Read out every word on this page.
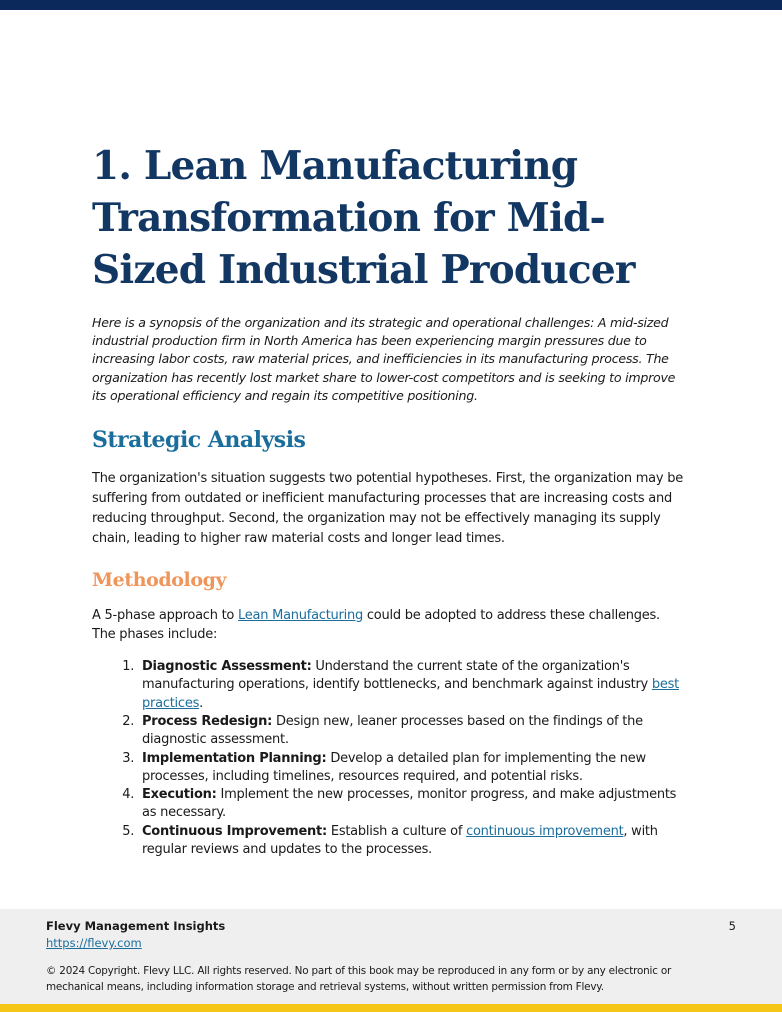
1. Lean Manufacturing Transformation for Mid-Sized Industrial Producer

Here is a synopsis of the organization and its strategic and operational challenges: A mid-sized industrial production firm in North America has been experiencing margin pressures due to increasing labor costs, raw material prices, and inefficiencies in its manufacturing process. The organization has recently lost market share to lower-cost competitors and is seeking to improve its operational efficiency and regain its competitive positioning.

Strategic Analysis

The organization's situation suggests two potential hypotheses. First, the organization may be suffering from outdated or inefficient manufacturing processes that are increasing costs and reducing throughput. Second, the organization may not be effectively managing its supply chain, leading to higher raw material costs and longer lead times.

Methodology

A 5-phase approach to Lean Manufacturing could be adopted to address these challenges. The phases include:

1. Diagnostic Assessment: Understand the current state of the organization's manufacturing operations, identify bottlenecks, and benchmark against industry best practices.
2. Process Redesign: Design new, leaner processes based on the findings of the diagnostic assessment.
3. Implementation Planning: Develop a detailed plan for implementing the new processes, including timelines, resources required, and potential risks.
4. Execution: Implement the new processes, monitor progress, and make adjustments as necessary.
5. Continuous Improvement: Establish a culture of continuous improvement, with regular reviews and updates to the processes.
Flevy Management Insights
https://flevy.com
5
© 2024 Copyright. Flevy LLC. All rights reserved. No part of this book may be reproduced in any form or by any electronic or mechanical means, including information storage and retrieval systems, without written permission from Flevy.
